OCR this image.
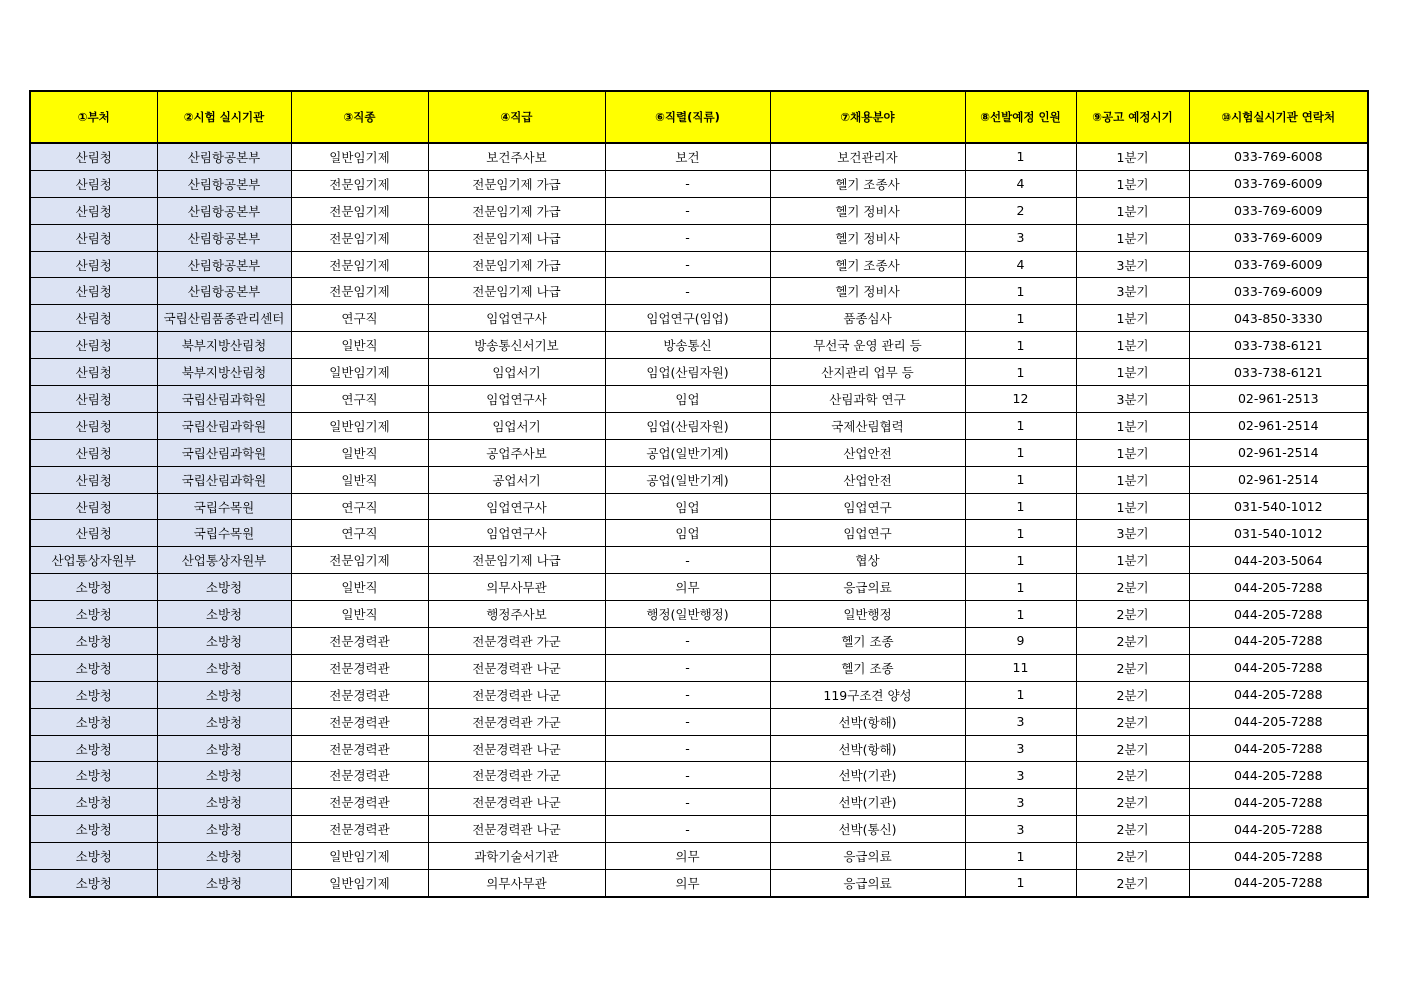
①부처	②시험 실시기관	③직종	④직급	⑥직렬(직류)	⑦채용분야	⑧선발예정 인원	⑨공고 예정시기	⑩시험실시기관 연락처
산림청	산림항공본부	일반임기제	보건주사보	보건	보건관리자	1	1분기	033-769-6008
산림청	산림항공본부	전문임기제	전문임기제 가급	-	헬기 조종사	4	1분기	033-769-6009
산림청	산림항공본부	전문임기제	전문임기제 가급	-	헬기 정비사	2	1분기	033-769-6009
산림청	산림항공본부	전문임기제	전문임기제 나급	-	헬기 정비사	3	1분기	033-769-6009
산림청	산림항공본부	전문임기제	전문임기제 가급	-	헬기 조종사	4	3분기	033-769-6009
산림청	산림항공본부	전문임기제	전문임기제 나급	-	헬기 정비사	1	3분기	033-769-6009
산림청	국립산림품종관리센터	연구직	임업연구사	임업연구(임업)	품종심사	1	1분기	043-850-3330
산림청	북부지방산림청	일반직	방송통신서기보	방송통신	무선국 운영 관리 등	1	1분기	033-738-6121
산림청	북부지방산림청	일반임기제	임업서기	임업(산림자원)	산지관리 업무 등	1	1분기	033-738-6121
산림청	국립산림과학원	연구직	임업연구사	임업	산림과학 연구	12	3분기	02-961-2513
산림청	국립산림과학원	일반임기제	임업서기	임업(산림자원)	국제산림협력	1	1분기	02-961-2514
산림청	국립산림과학원	일반직	공업주사보	공업(일반기계)	산업안전	1	1분기	02-961-2514
산림청	국립산림과학원	일반직	공업서기	공업(일반기계)	산업안전	1	1분기	02-961-2514
산림청	국립수목원	연구직	임업연구사	임업	임업연구	1	1분기	031-540-1012
산림청	국립수목원	연구직	임업연구사	임업	임업연구	1	3분기	031-540-1012
산업통상자원부	산업통상자원부	전문임기제	전문임기제 나급	-	협상	1	1분기	044-203-5064
소방청	소방청	일반직	의무사무관	의무	응급의료	1	2분기	044-205-7288
소방청	소방청	일반직	행정주사보	행정(일반행정)	일반행정	1	2분기	044-205-7288
소방청	소방청	전문경력관	전문경력관 가군	-	헬기 조종	9	2분기	044-205-7288
소방청	소방청	전문경력관	전문경력관 나군	-	헬기 조종	11	2분기	044-205-7288
소방청	소방청	전문경력관	전문경력관 나군	-	119구조견 양성	1	2분기	044-205-7288
소방청	소방청	전문경력관	전문경력관 가군	-	선박(항해)	3	2분기	044-205-7288
소방청	소방청	전문경력관	전문경력관 나군	-	선박(항해)	3	2분기	044-205-7288
소방청	소방청	전문경력관	전문경력관 가군	-	선박(기관)	3	2분기	044-205-7288
소방청	소방청	전문경력관	전문경력관 나군	-	선박(기관)	3	2분기	044-205-7288
소방청	소방청	전문경력관	전문경력관 나군	-	선박(통신)	3	2분기	044-205-7288
소방청	소방청	일반임기제	과학기술서기관	의무	응급의료	1	2분기	044-205-7288
소방청	소방청	일반임기제	의무사무관	의무	응급의료	1	2분기	044-205-7288
